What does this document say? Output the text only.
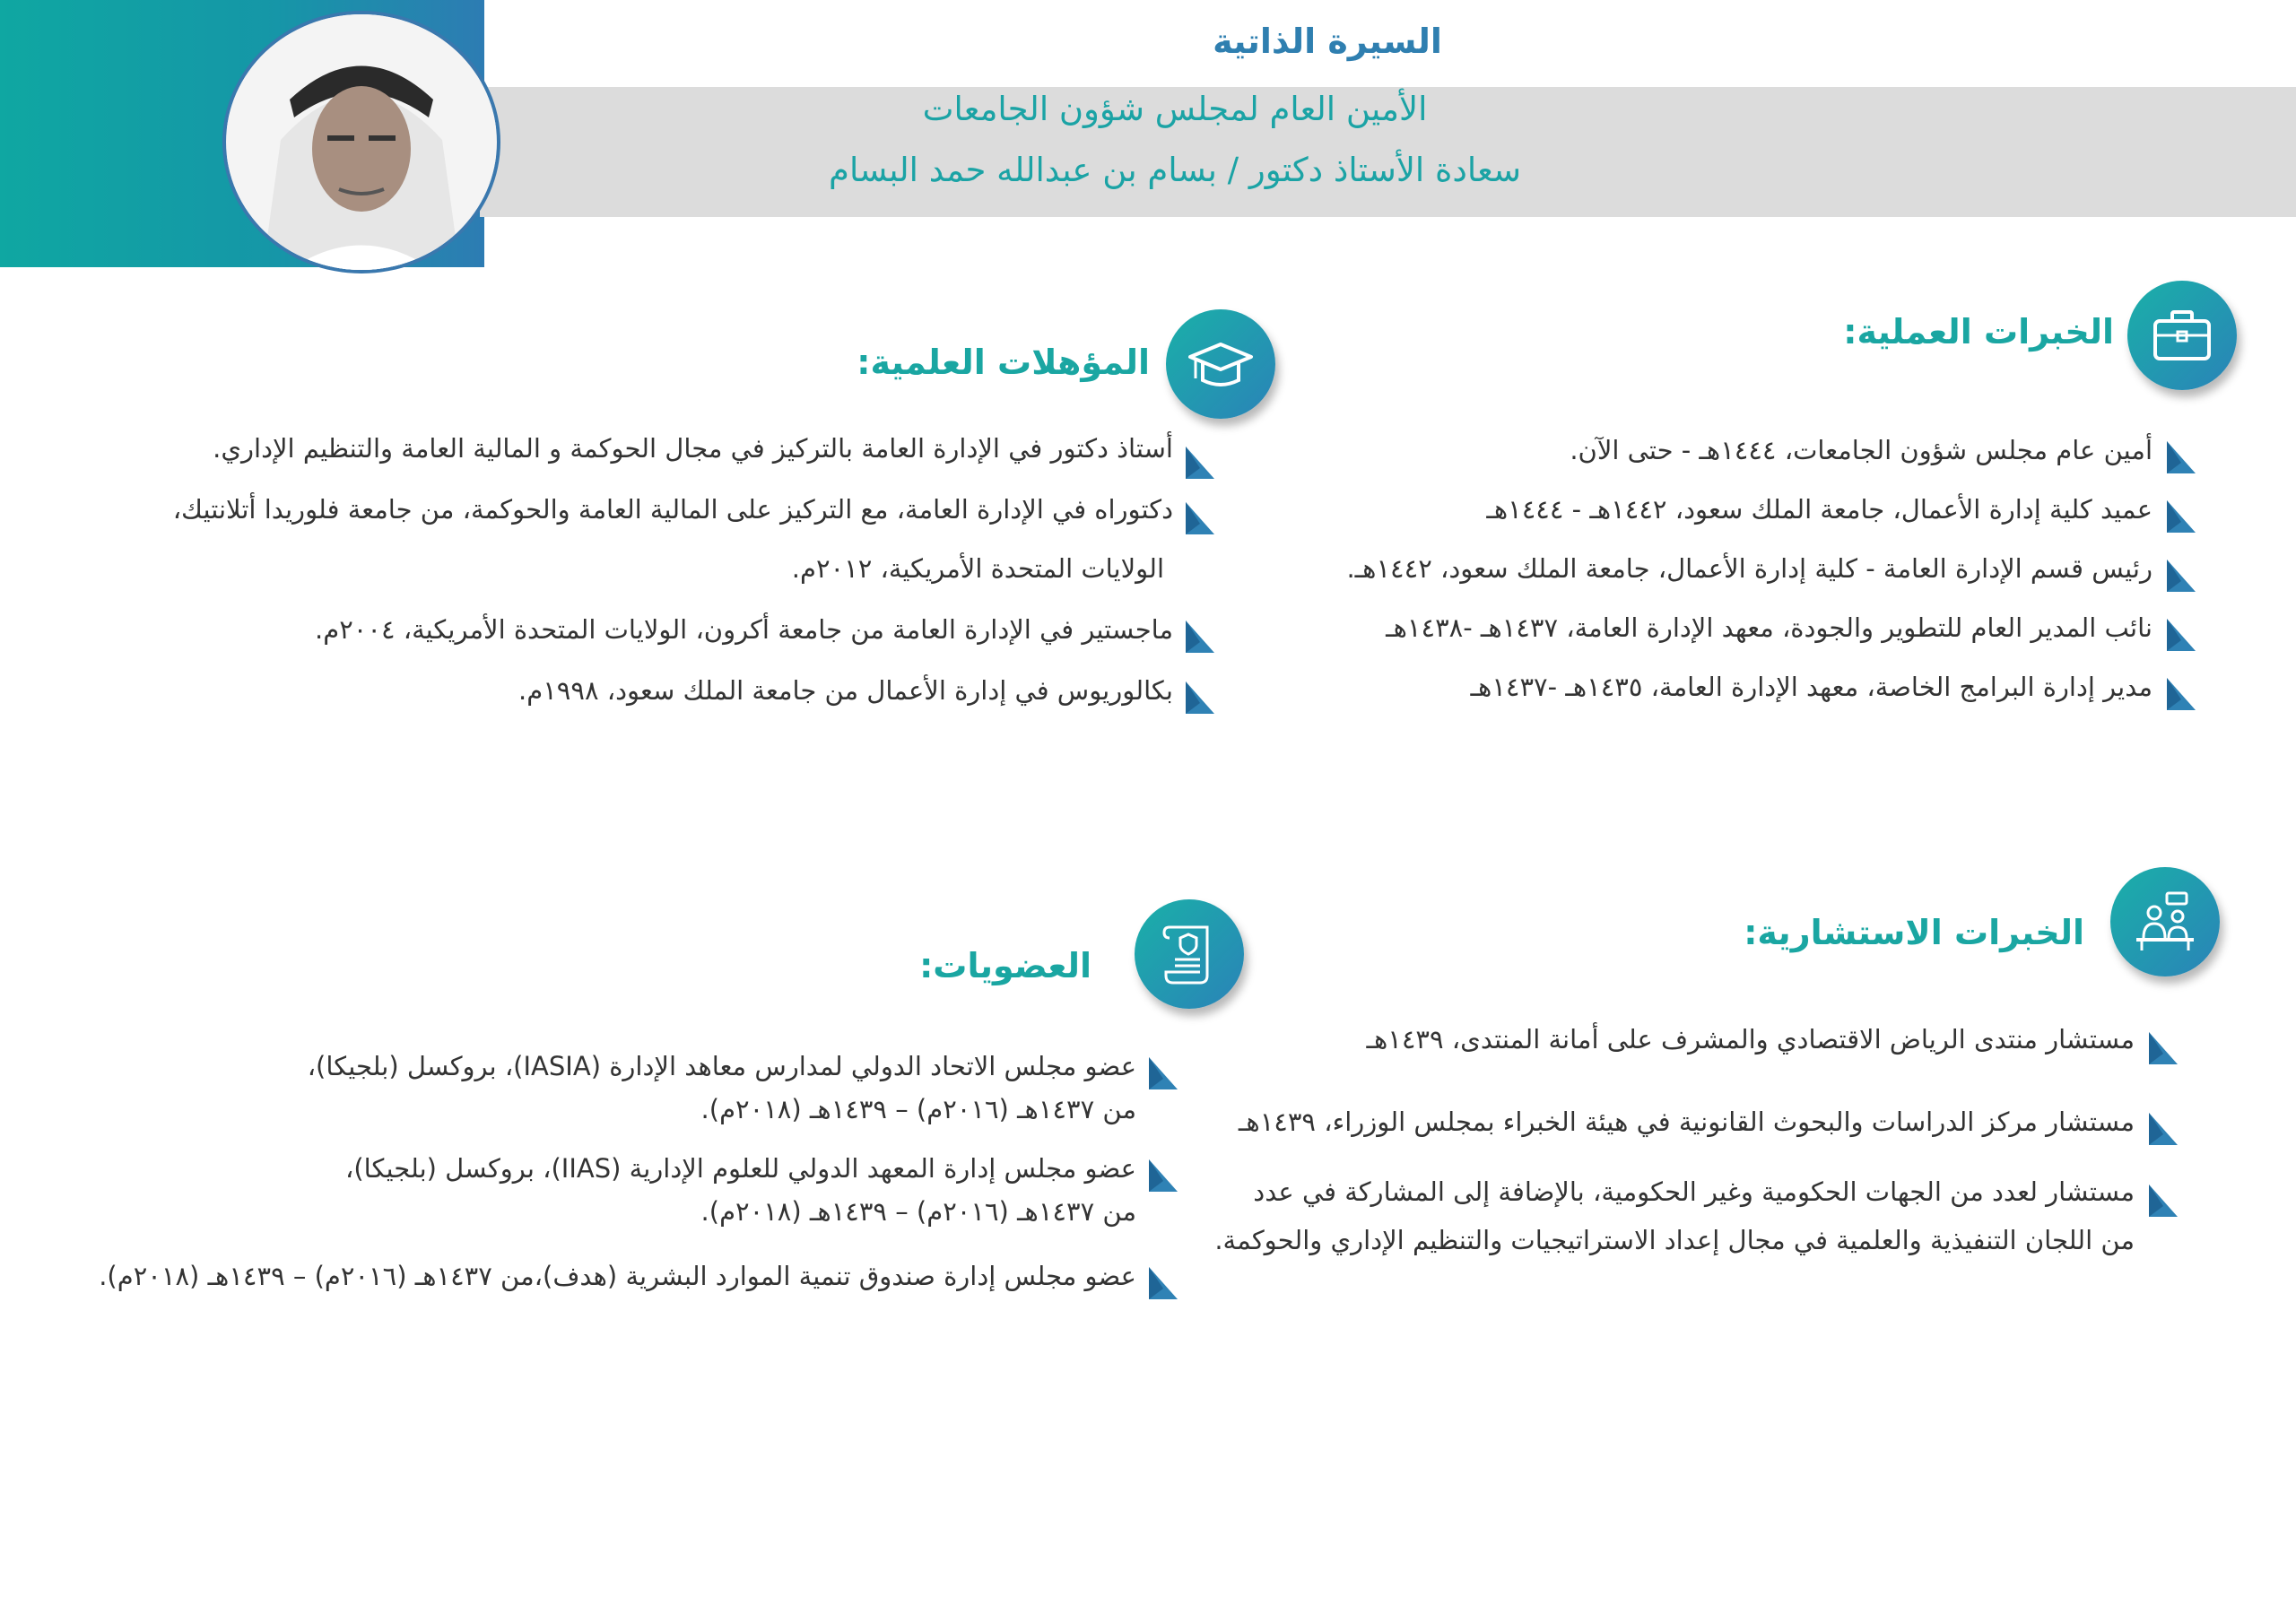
السيرة الذاتية
الأمين العام لمجلس شؤون الجامعات
سعادة الأستاذ دكتور / بسام بن عبدالله حمد البسام
الخبرات العملية:
أمين عام مجلس شؤون الجامعات، ١٤٤٤هـ - حتى الآن.
عميد كلية إدارة الأعمال، جامعة الملك سعود، ١٤٤٢هـ - ١٤٤٤هـ
رئيس قسم الإدارة العامة - كلية إدارة الأعمال، جامعة الملك سعود، ١٤٤٢هـ.
نائب المدير العام للتطوير والجودة، معهد الإدارة العامة، ١٤٣٧هـ -١٤٣٨هـ
مدير إدارة البرامج الخاصة، معهد الإدارة العامة، ١٤٣٥هـ -١٤٣٧هـ
المؤهلات العلمية:
أستاذ دكتور في الإدارة العامة بالتركيز في مجال الحوكمة و المالية العامة والتنظيم الإداري.
دكتوراه في الإدارة العامة، مع التركيز على المالية العامة والحوكمة، من جامعة فلوريدا أتلانتيك،
الولايات المتحدة الأمريكية، ٢٠١٢م.
ماجستير في الإدارة العامة من جامعة أكرون، الولايات المتحدة الأمريكية، ٢٠٠٤م.
بكالوريوس في إدارة الأعمال من جامعة الملك سعود، ١٩٩٨م.
الخبرات الاستشارية:
مستشار منتدى الرياض الاقتصادي والمشرف على أمانة المنتدى، ١٤٣٩هـ
مستشار مركز الدراسات والبحوث القانونية في هيئة الخبراء بمجلس الوزراء، ١٤٣٩هـ
مستشار لعدد من الجهات الحكومية وغير الحكومية، بالإضافة إلى المشاركة في عدد
من اللجان التنفيذية والعلمية في مجال إعداد الاستراتيجيات والتنظيم الإداري والحوكمة.
العضويات:
عضو مجلس الاتحاد الدولي لمدارس معاهد الإدارة (IASIA)، بروكسل (بلجيكا)،
من ١٤٣٧هـ (٢٠١٦م) – ١٤٣٩هـ (٢٠١٨م).
عضو مجلس إدارة المعهد الدولي للعلوم الإدارية (IIAS)، بروكسل (بلجيكا)،
من ١٤٣٧هـ (٢٠١٦م) – ١٤٣٩هـ (٢٠١٨م).
عضو مجلس إدارة صندوق تنمية الموارد البشرية (هدف)،من ١٤٣٧هـ (٢٠١٦م) – ١٤٣٩هـ (٢٠١٨م).
